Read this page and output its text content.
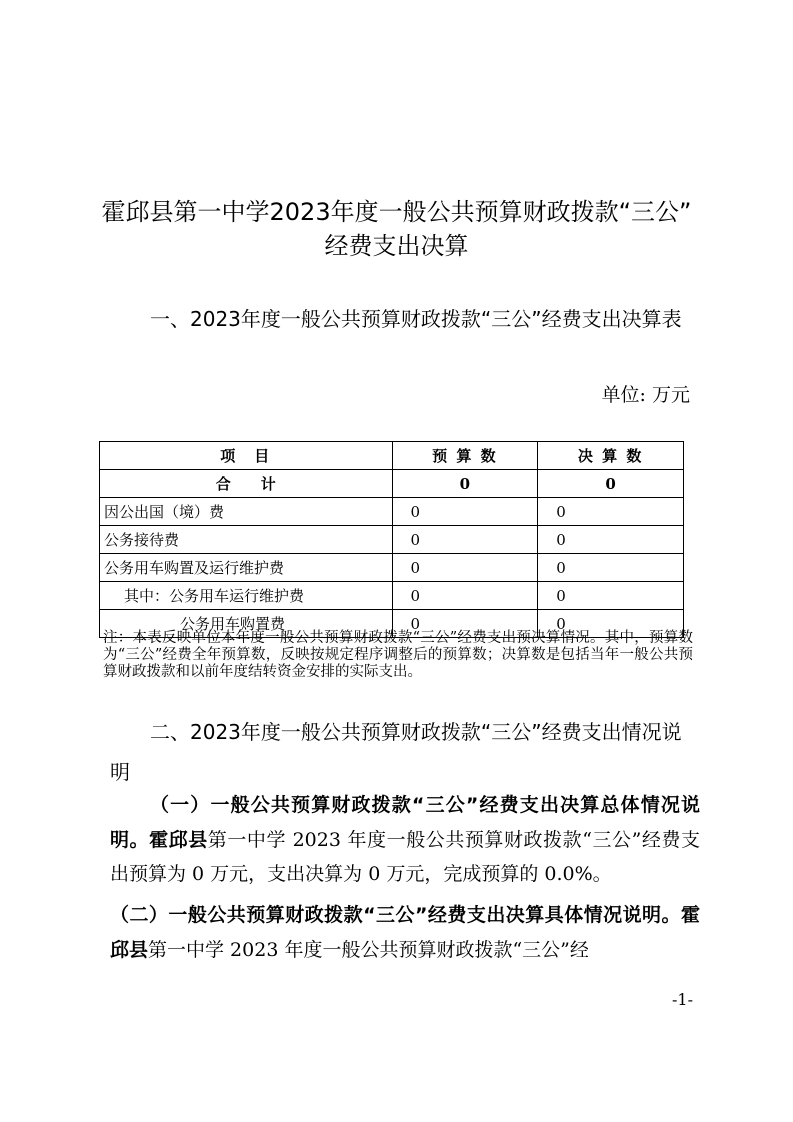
霍邱县第一中学2023年度一般公共预算财政拨款“三公”
经费支出决算
一、2023年度一般公共预算财政拨款“三公”经费支出决算表
单位: 万元
项　目	预 算 数	决 算 数
合　　计	0	0
因公出国（境）费	0	0
公务接待费	0	0
公务用车购置及运行维护费	0	0
其中：公务用车运行维护费	0	0
公务用车购置费	0	0
注：本表反映单位本年度一般公共预算财政拨款“三公”经费支出预决算情况。其中，预算数为“三公”经费全年预算数，反映按规定程序调整后的预算数；决算数是包括当年一般公共预算财政拨款和以前年度结转资金安排的实际支出。
二、2023年度一般公共预算财政拨款“三公”经费支出情况说明
（一）一般公共预算财政拨款“三公”经费支出决算总体情况说明。霍邱县第一中学 2023 年度一般公共预算财政拨款“三公”经费支出预算为 0 万元，支出决算为 0 万元，完成预算的 0.0%。
（二）一般公共预算财政拨款“三公”经费支出决算具体情况说明。霍邱县第一中学 2023 年度一般公共预算财政拨款“三公”经
-1-
